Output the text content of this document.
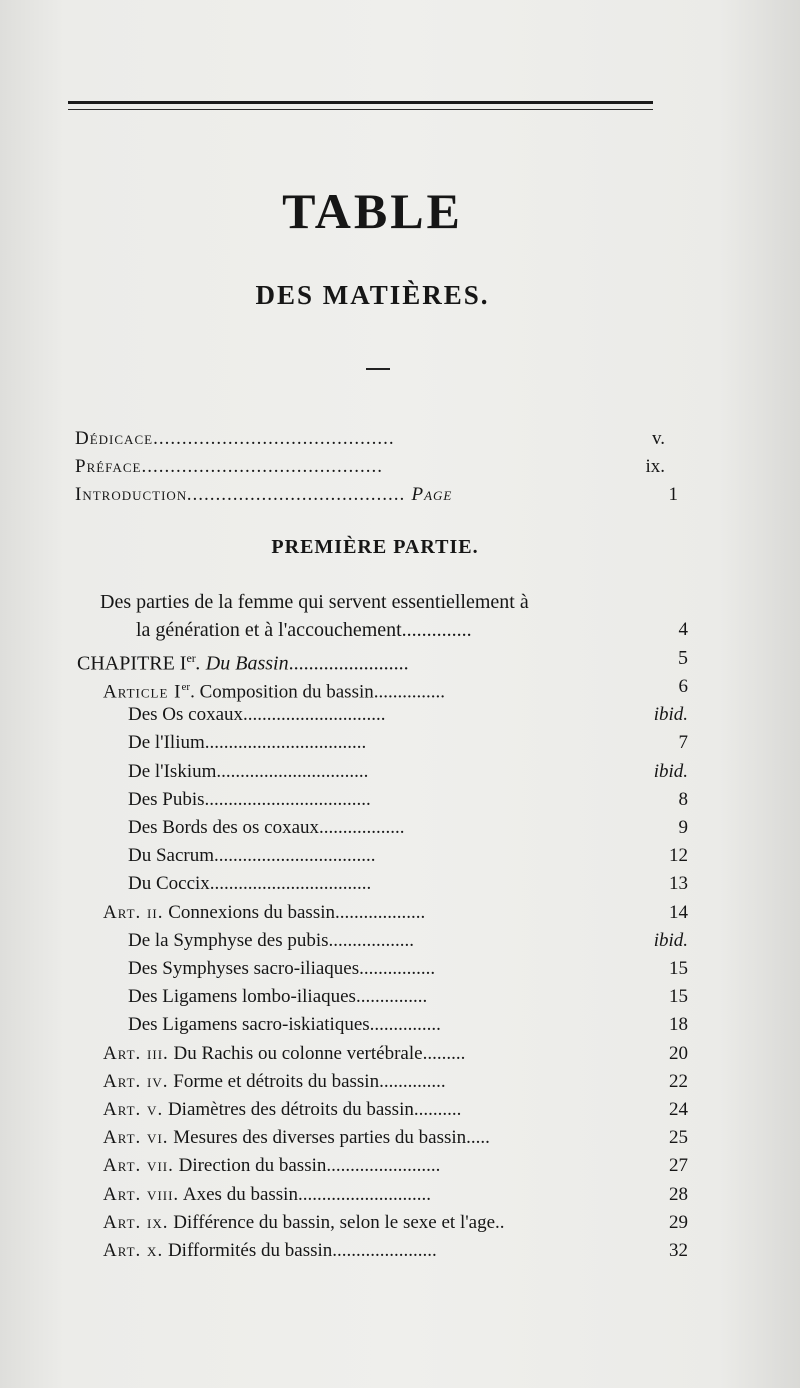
TABLE
DES MATIÈRES.
Dédicace..........................................	v.
Préface..........................................	ix.
Introduction...................................... Page	1
PREMIÈRE PARTIE.
Des parties de la femme qui servent essentiellement à
la génération et à l'accouchement..............	4
CHAPITRE Ier. Du Bassin........................	5
Article Ier. Composition du bassin...............	6
Des Os coxaux..............................	ibid.
De l'Ilium..................................	7
De l'Iskium................................	ibid.
Des Pubis...................................	8
Des Bords des os coxaux..................	9
Du Sacrum..................................	12
Du Coccix..................................	13
Art. ii. Connexions du bassin...................	14
De la Symphyse des pubis..................	ibid.
Des Symphyses sacro-iliaques................	15
Des Ligamens lombo-iliaques...............	15
Des Ligamens sacro-iskiatiques...............	18
Art. iii. Du Rachis ou colonne vertébrale.........	20
Art. iv. Forme et détroits du bassin..............	22
Art. v. Diamètres des détroits du bassin..........	24
Art. vi. Mesures des diverses parties du bassin.....	25
Art. vii. Direction du bassin........................	27
Art. viii. Axes du bassin............................	28
Art. ix. Différence du bassin, selon le sexe et l'age..	29
Art. x. Difformités du bassin......................	32
